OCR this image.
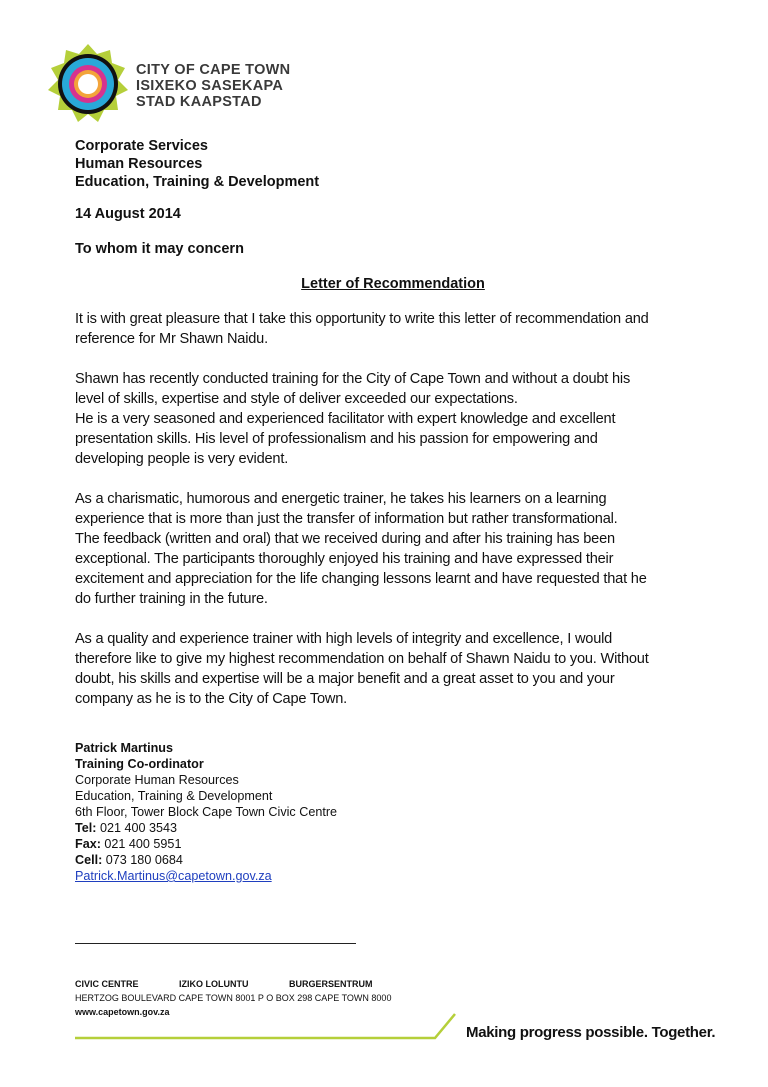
CITY OF CAPE TOWN
ISIXEKO SASEKAPA
STAD KAAPSTAD
Corporate Services
Human Resources
Education, Training & Development
14 August 2014
To whom it may concern
Letter of Recommendation

It is with great pleasure that I take this opportunity to write this letter of recommendation and
reference for Mr Shawn Naidu.

Shawn has recently conducted training for the City of Cape Town and without a doubt his
level of skills, expertise and style of deliver exceeded our expectations.
He is a very seasoned and experienced facilitator with expert knowledge and excellent
presentation skills. His level of professionalism and his passion for empowering and
developing people is very evident.

As a charismatic, humorous and energetic trainer, he takes his learners on a learning
experience that is more than just the transfer of information but rather transformational.
The feedback (written and oral) that we received during and after his training has been
exceptional. The participants thoroughly enjoyed his training and have expressed their
excitement and appreciation for the life changing lessons learnt and have requested that he
do further training in the future.

As a quality and experience trainer with high levels of integrity and excellence, I would
therefore like to give my highest recommendation on behalf of Shawn Naidu to you. Without
doubt, his skills and expertise will be a major benefit and a great asset to you and your
company as he is to the City of Cape Town.

Patrick Martinus
Training Co-ordinator
Corporate Human Resources
Education, Training & Development
6th Floor, Tower Block Cape Town Civic Centre
Tel: 021 400 3543
Fax: 021 400 5951
Cell: 073 180 0684
Patrick.Martinus@capetown.gov.za
CIVIC CENTRE	IZIKO LOLUNTU	BURGERSENTRUM
HERTZOG BOULEVARD CAPE TOWN 8001 P O BOX 298 CAPE TOWN 8000
www.capetown.gov.za
Making progress possible. Together.
